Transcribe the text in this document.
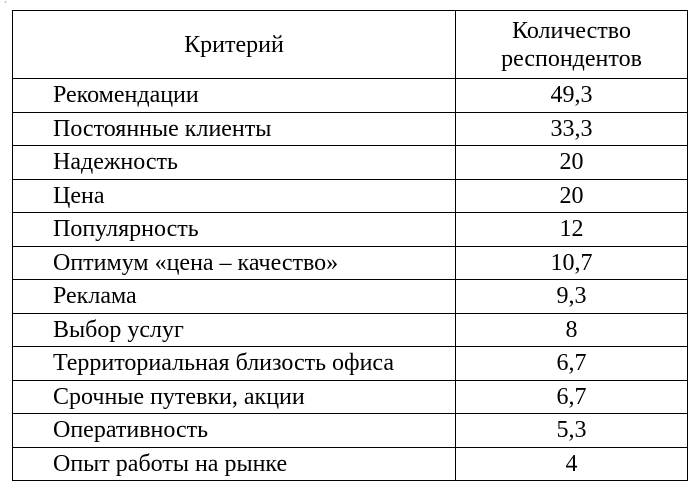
´
Критерий	Количество
респондентов

Рекомендации	49,3
Постоянные клиенты	33,3
Надежность	20
Цена	20
Популярность	12
Оптимум «цена – качество»	10,7
Реклама	9,3
Выбор услуг	8
Территориальная близость офиса	6,7
Срочные путевки, акции	6,7
Оперативность	5,3
Опыт работы на рынке	4
